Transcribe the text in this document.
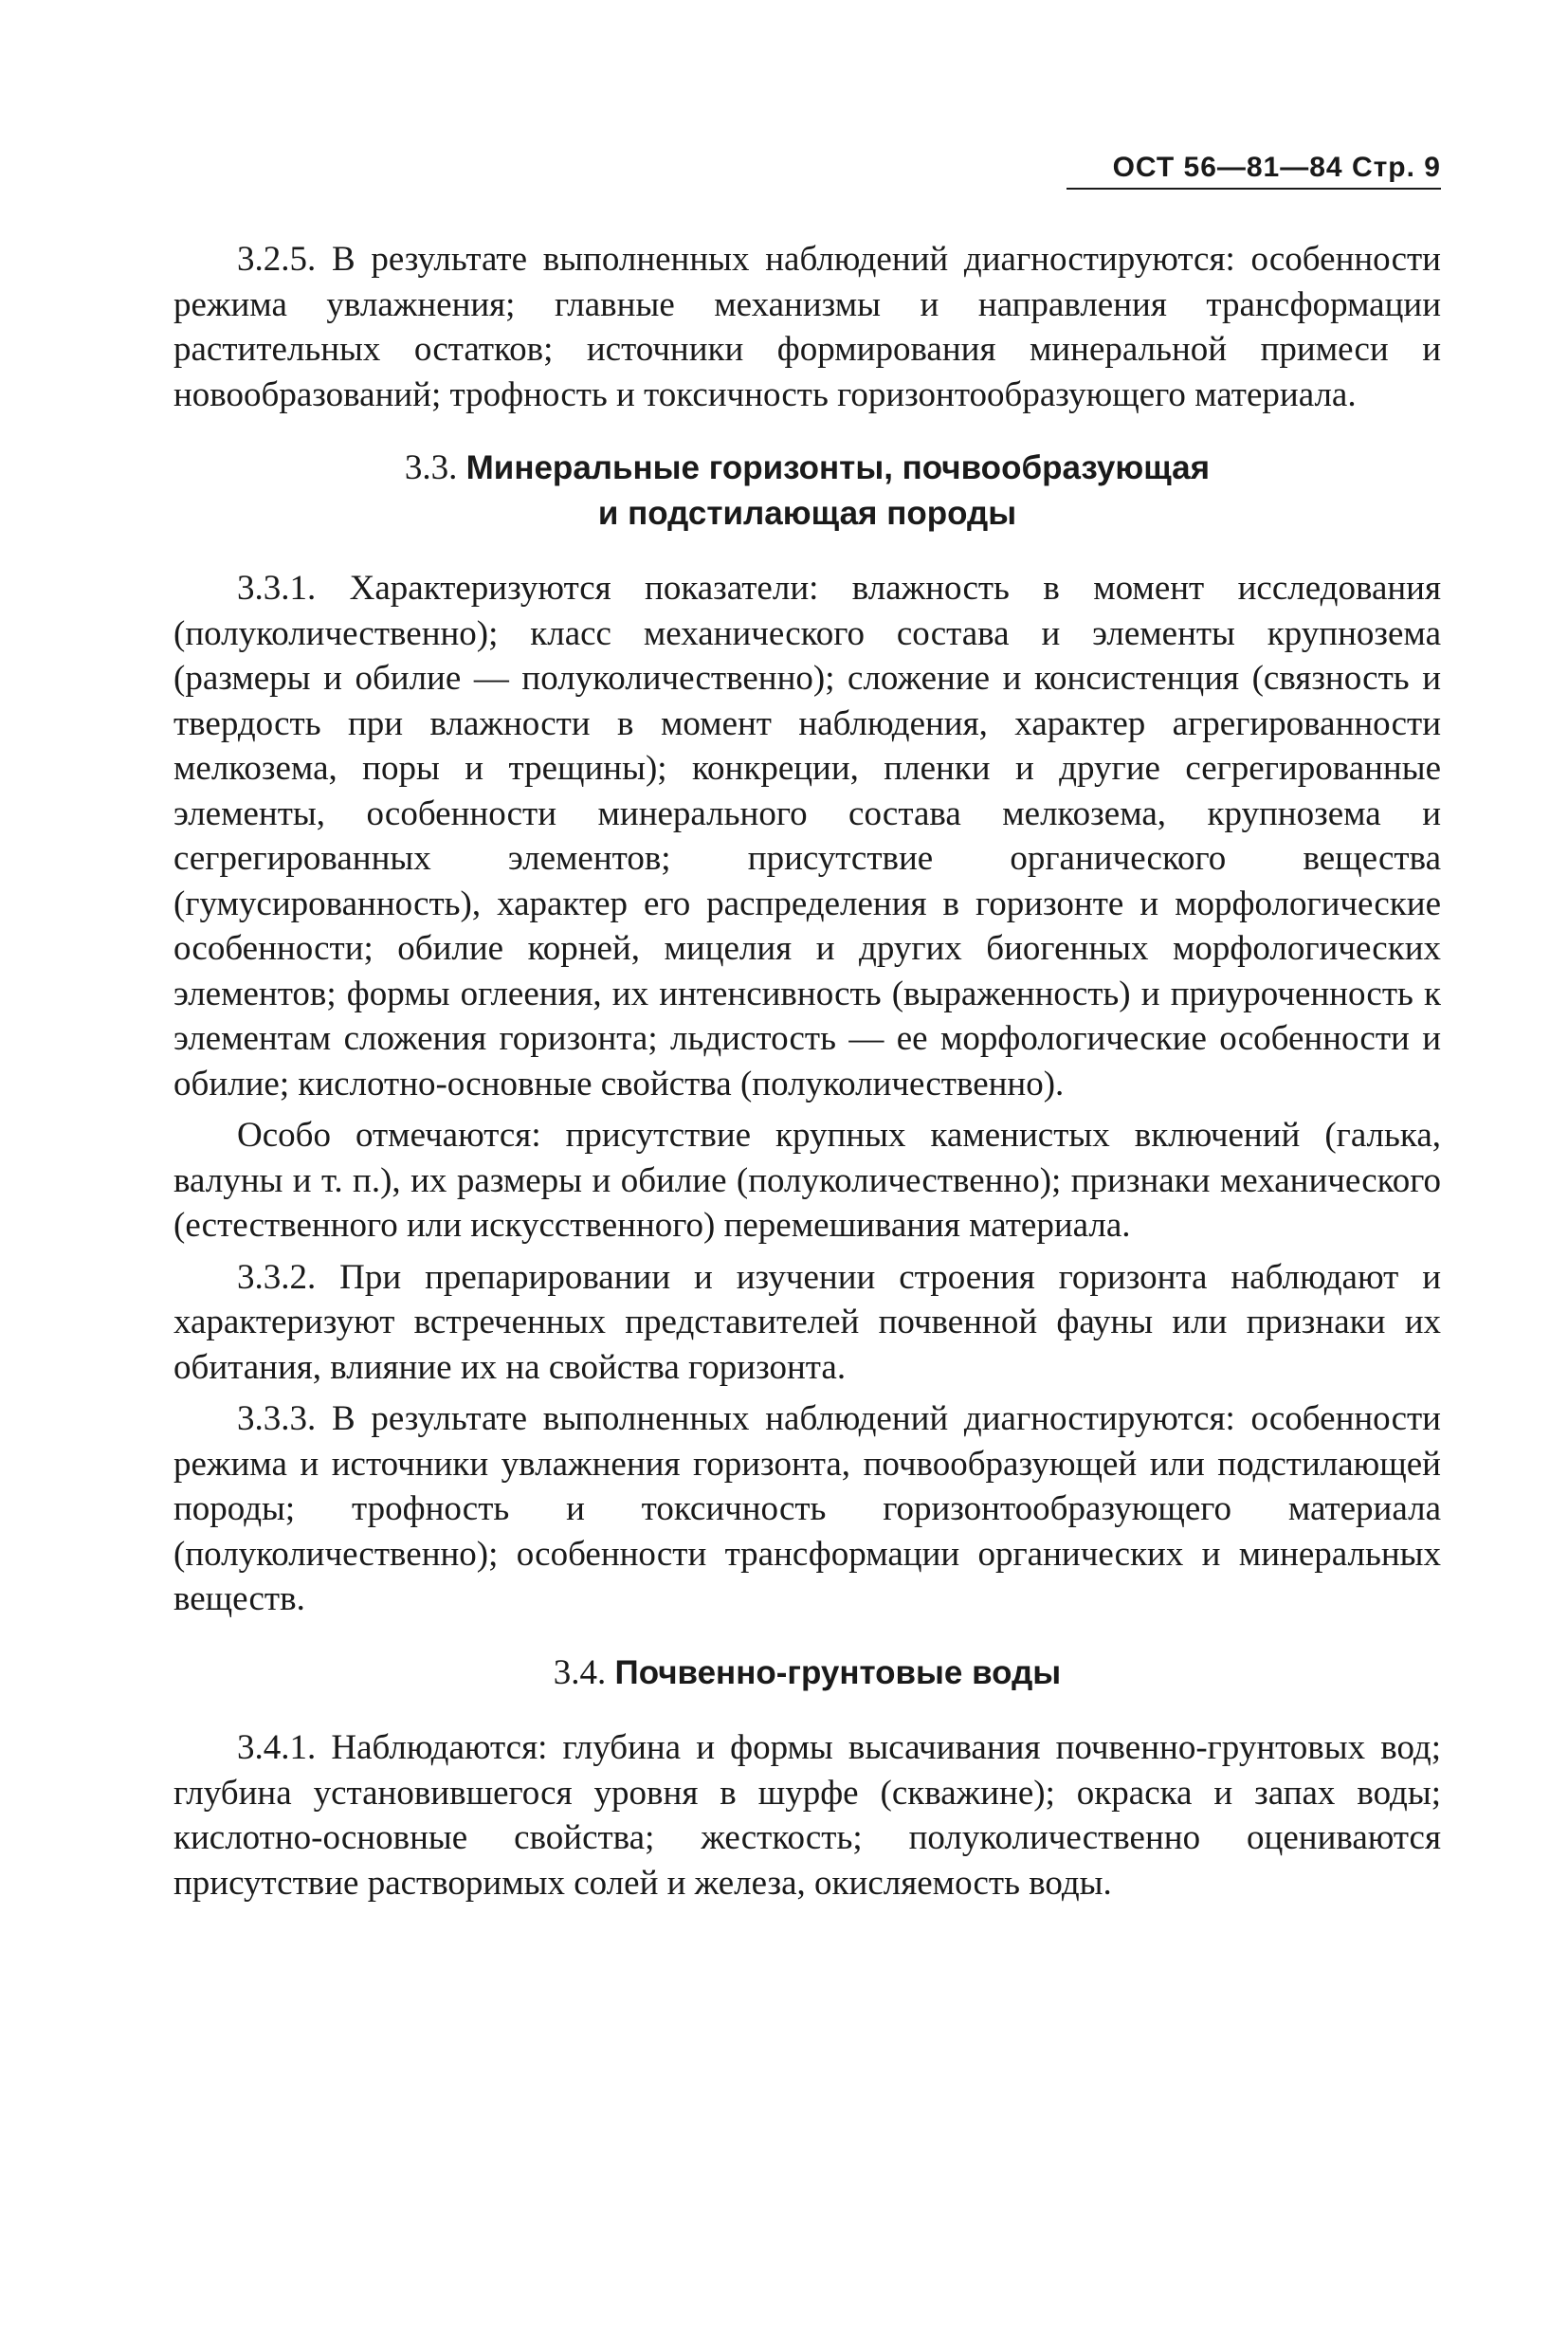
ОСТ 56—81—84 Стр. 9

3.2.5. В результате выполненных наблюдений диагностируются: особенности режима увлажнения; главные механизмы и направления трансформации растительных остатков; источники формирования минеральной примеси и новообразований; трофность и токсичность горизонтообразующего материала.

3.3. Минеральные горизонты, почвообразующая
и подстилающая породы

3.3.1. Характеризуются показатели: влажность в момент исследования (полуколичественно); класс механического состава и элементы крупнозема (размеры и обилие — полуколичественно); сложение и консистенция (связность и твердость при влажности в момент наблюдения, характер агрегированности мелкозема, поры и трещины); конкреции, пленки и другие сегрегированные элементы, особенности минерального состава мелкозема, крупнозема и сегрегированных элементов; присутствие органического вещества (гумусированность), характер его распределения в горизонте и морфологические особенности; обилие корней, мицелия и других биогенных морфологических элементов; формы оглеения, их интенсивность (выраженность) и приуроченность к элементам сложения горизонта; льдистость — ее морфологические особенности и обилие; кислотно-основные свойства (полуколичественно).

Особо отмечаются: присутствие крупных каменистых включений (галька, валуны и т. п.), их размеры и обилие (полуколичественно); признаки механического (естественного или искусственного) перемешивания материала.

3.3.2. При препарировании и изучении строения горизонта наблюдают и характеризуют встреченных представителей почвенной фауны или признаки их обитания, влияние их на свойства горизонта.

3.3.3. В результате выполненных наблюдений диагностируются: особенности режима и источники увлажнения горизонта, почвообразующей или подстилающей породы; трофность и токсичность горизонтообразующего материала (полуколичественно); особенности трансформации органических и минеральных веществ.

3.4. Почвенно-грунтовые воды

3.4.1. Наблюдаются: глубина и формы высачивания почвенно-грунтовых вод; глубина установившегося уровня в шурфе (скважине); окраска и запах воды; кислотно-основные свойства; жесткость; полуколичественно оцениваются присутствие растворимых солей и железа, окисляемость воды.
